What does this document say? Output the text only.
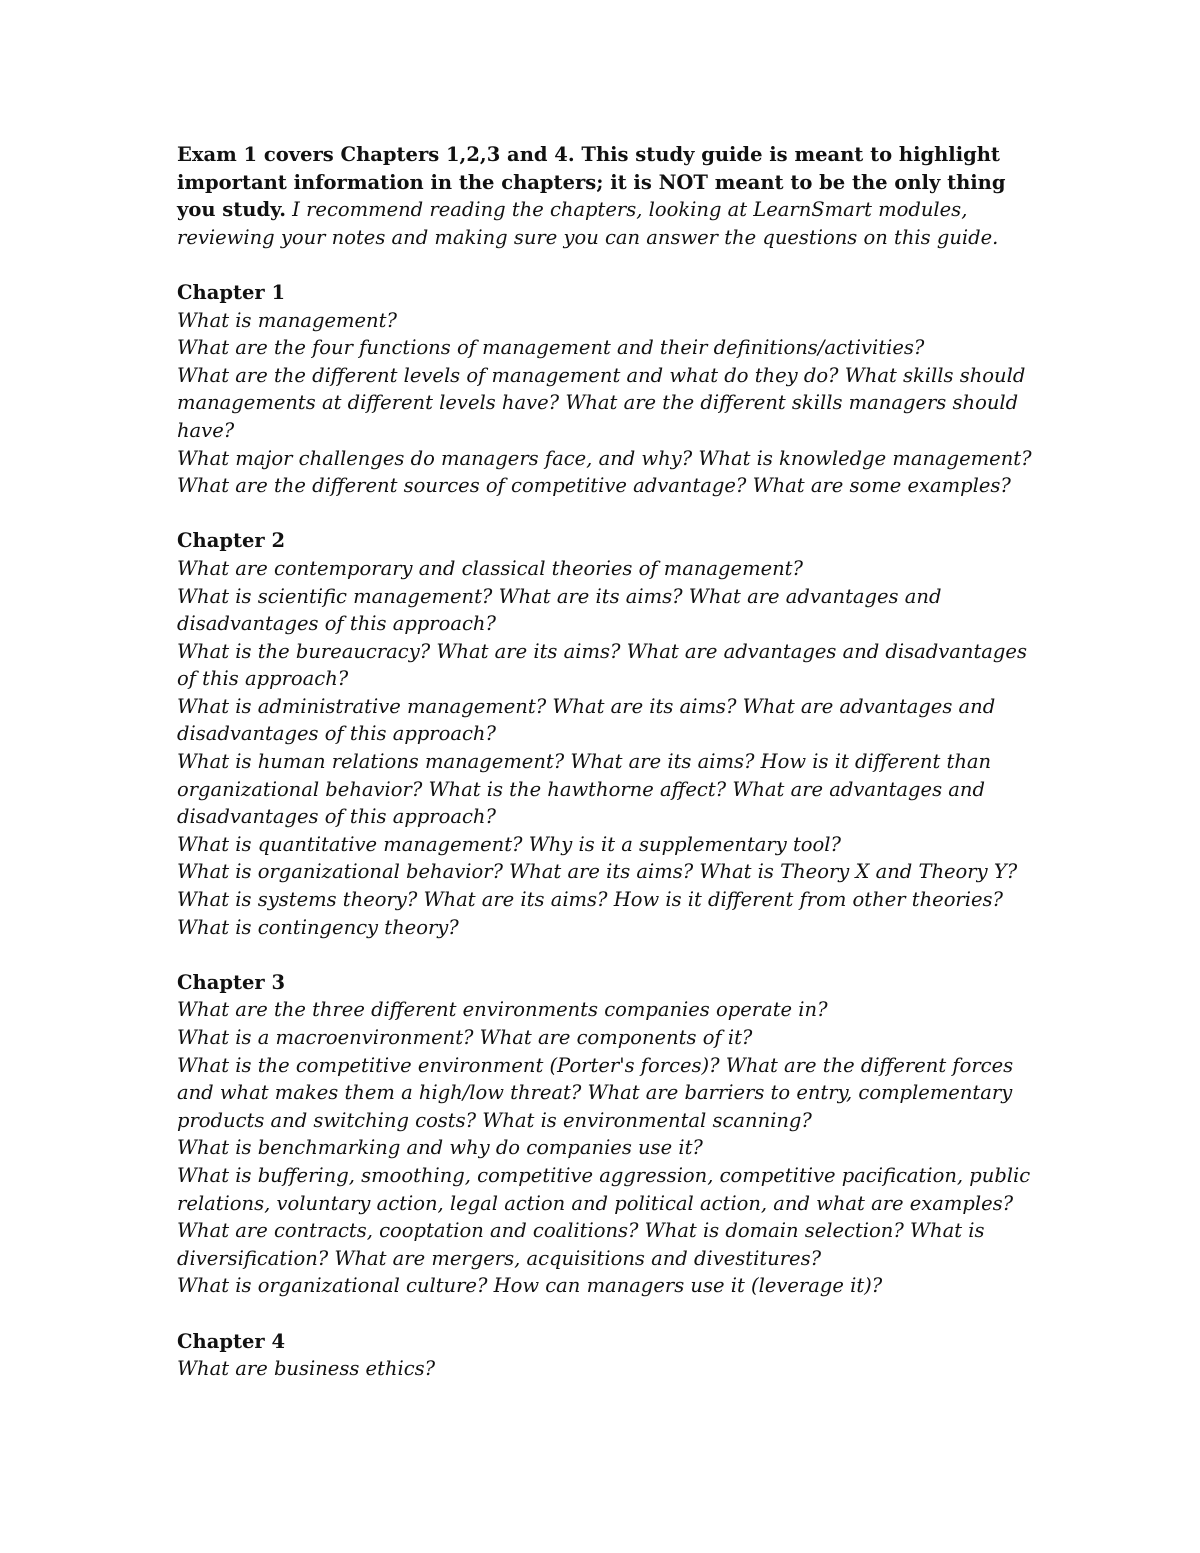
Exam 1 covers Chapters 1,2,3 and 4. This study guide is meant to highlight important information in the chapters; it is NOT meant to be the only thing you study. I recommend reading the chapters, looking at LearnSmart modules, reviewing your notes and making sure you can answer the questions on this guide.

Chapter 1

What is management?

What are the four functions of management and their definitions/activities?

What are the different levels of management and what do they do? What skills should managements at different levels have? What are the different skills managers should have?

What major challenges do managers face, and why? What is knowledge management?

What are the different sources of competitive advantage? What are some examples?

Chapter 2

What are contemporary and classical theories of management?

What is scientific management? What are its aims? What are advantages and disadvantages of this approach?

What is the bureaucracy? What are its aims? What are advantages and disadvantages of this approach?

What is administrative management? What are its aims? What are advantages and disadvantages of this approach?

What is human relations management? What are its aims? How is it different than organizational behavior? What is the hawthorne affect? What are advantages and disadvantages of this approach?

What is quantitative management? Why is it a supplementary tool?

What is organizational behavior? What are its aims? What is Theory X and Theory Y?

What is systems theory? What are its aims? How is it different from other theories?

What is contingency theory?

Chapter 3

What are the three different environments companies operate in?

What is a macroenvironment? What are components of it?

What is the competitive environment (Porter's forces)? What are the different forces and what makes them a high/low threat? What are barriers to entry, complementary products and switching costs? What is environmental scanning?

What is benchmarking and why do companies use it?

What is buffering, smoothing, competitive aggression, competitive pacification, public relations, voluntary action, legal action and political action, and what are examples?

What are contracts, cooptation and coalitions? What is domain selection? What is diversification? What are mergers, acquisitions and divestitures?

What is organizational culture? How can managers use it (leverage it)?

Chapter 4

What are business ethics?
